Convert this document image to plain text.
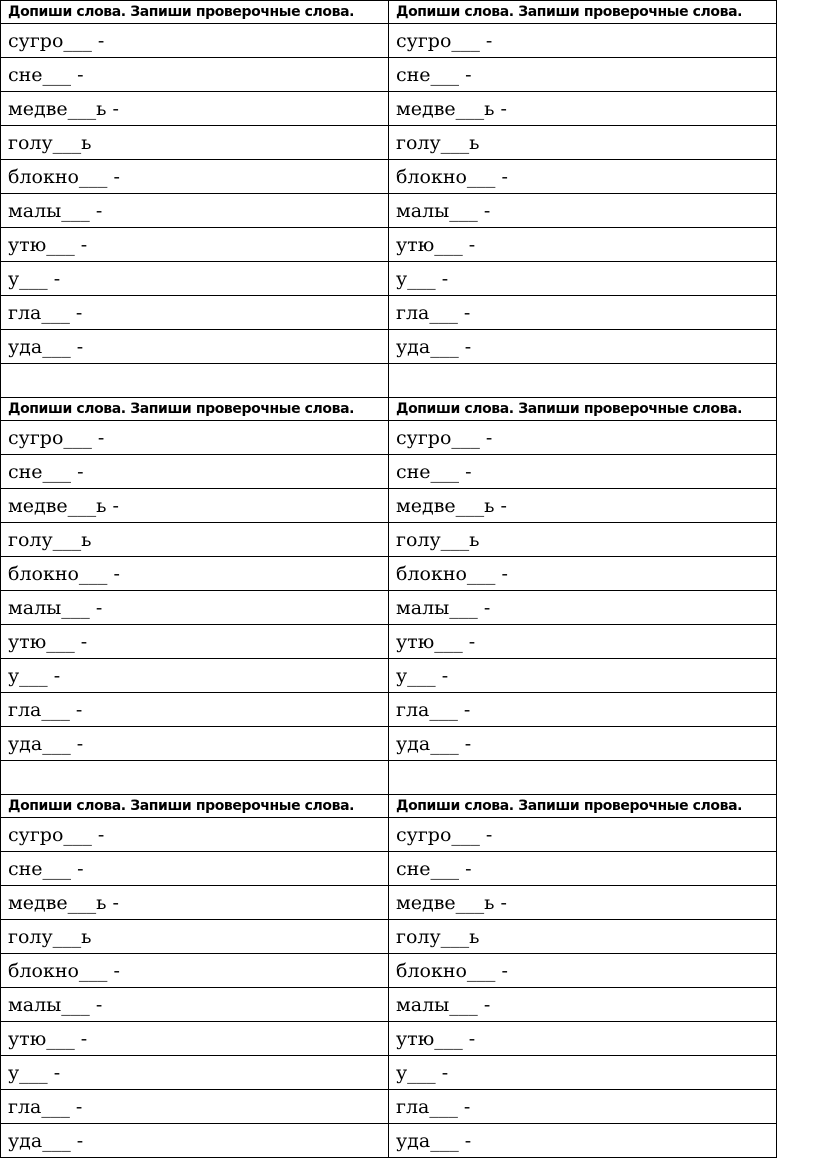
Допиши слова. Запиши проверочные слова.	Допиши слова. Запиши проверочные слова.
сугро___ -	сугро___ -
сне___ -	сне___ -
медве___ь -	медве___ь -
голу___ь	голу___ь
блокно___ -	блокно___ -
малы___ -	малы___ -
утю___ -	утю___ -
у___ -	у___ -
гла___ -	гла___ -
уда___ -	уда___ -

Допиши слова. Запиши проверочные слова.	Допиши слова. Запиши проверочные слова.
сугро___ -	сугро___ -
сне___ -	сне___ -
медве___ь -	медве___ь -
голу___ь	голу___ь
блокно___ -	блокно___ -
малы___ -	малы___ -
утю___ -	утю___ -
у___ -	у___ -
гла___ -	гла___ -
уда___ -	уда___ -

Допиши слова. Запиши проверочные слова.	Допиши слова. Запиши проверочные слова.
сугро___ -	сугро___ -
сне___ -	сне___ -
медве___ь -	медве___ь -
голу___ь	голу___ь
блокно___ -	блокно___ -
малы___ -	малы___ -
утю___ -	утю___ -
у___ -	у___ -
гла___ -	гла___ -
уда___ -	уда___ -
